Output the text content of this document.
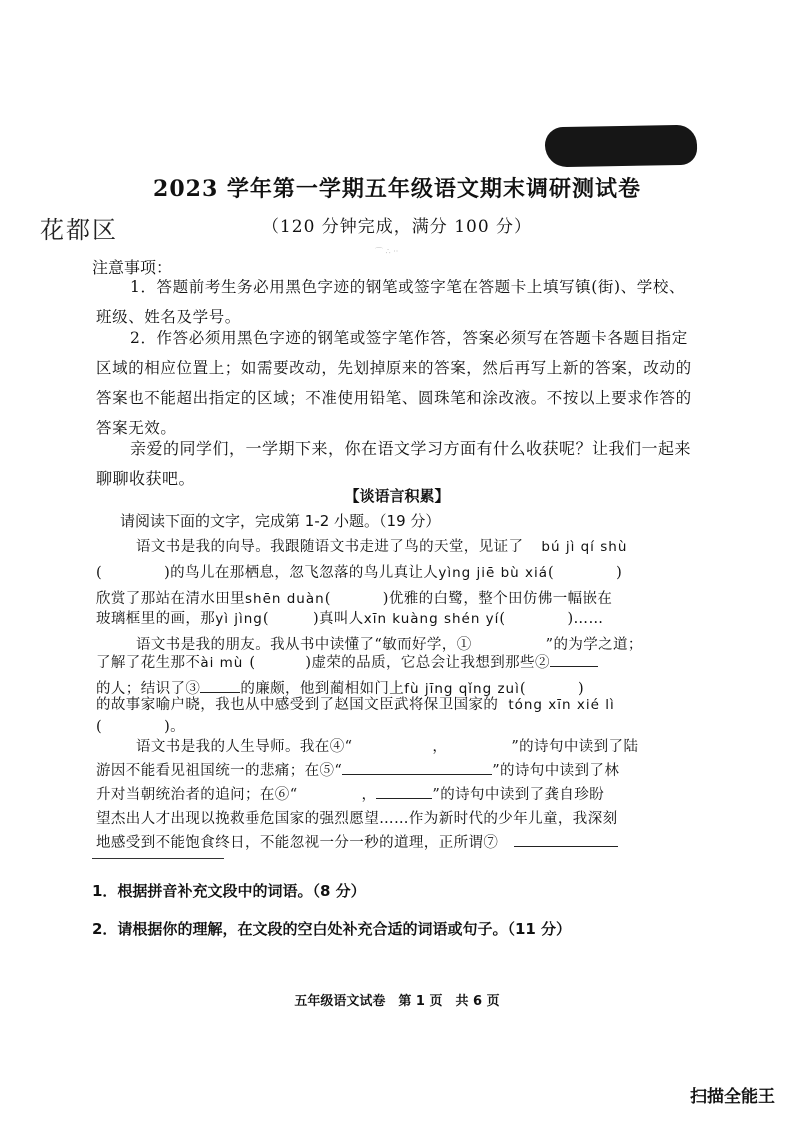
2023 学年第一学期五年级语文期末调研测试卷
花都区	（120 分钟完成，满分 100 分）
⌒ ∴ ··
注意事项：
1．答题前考生务必用黑色字迹的钢笔或签字笔在答题卡上填写镇(街)、学校、班级、姓名及学号。
2．作答必须用黑色字迹的钢笔或签字笔作答，答案必须写在答题卡各题目指定区域的相应位置上；如需要改动，先划掉原来的答案，然后再写上新的答案，改动的答案也不能超出指定的区域；不准使用铅笔、圆珠笔和涂改液。不按以上要求作答的答案无效。
亲爱的同学们，一学期下来，你在语文学习方面有什么收获呢？让我们一起来聊聊收获吧。
【谈语言积累】
请阅读下面的文字，完成第 1-2 小题。（19 分）
语文书是我的向导。我跟随语文书走进了鸟的天堂，见证了 bú jì qí shù
(	)的鸟儿在那栖息，忽飞忽落的鸟儿真让人yìng jiē bù xiá(	)
欣赏了那站在清水田里shēn duàn(	)优雅的白鹭，整个田仿佛一幅嵌在
玻璃框里的画，那yì jìng(	)真叫人xīn kuàng shén yí(	)……
语文书是我的朋友。我从书中读懂了“敏而好学，①	”的为学之道；
了解了花生那不ài mù (	)虚荣的品质，它总会让我想到那些②
的人；结识了③	的廉颇，他到蔺相如门上fù jīng qǐng zuì(	)
的故事家喻户晓，我也从中感受到了赵国文臣武将保卫国家的 tóng xīn xié lì
(	)。
语文书是我的人生导师。我在④“	，	”的诗句中读到了陆
游因不能看见祖国统一的悲痛；在⑤“	”的诗句中读到了林
升对当朝统治者的追问；在⑥“	，	”的诗句中读到了龚自珍盼
望杰出人才出现以挽救垂危国家的强烈愿望……作为新时代的少年儿童，我深刻
地感受到不能饱食终日，不能忽视一分一秒的道理，正所谓⑦
1．根据拼音补充文段中的词语。（8 分）
2．请根据你的理解，在文段的空白处补充合适的词语或句子。（11 分）
五年级语文试卷　第 1 页　共 6 页
扫描全能王
